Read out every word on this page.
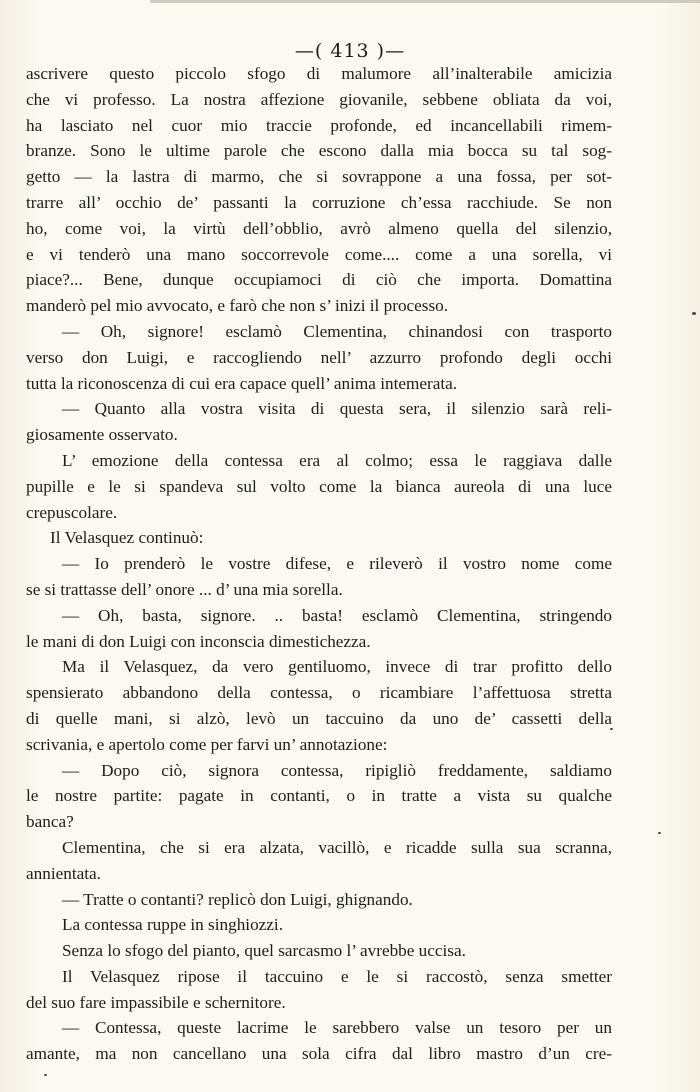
—( 413 )—
ascrivere questo piccolo sfogo di malumore all’inalterabile amicizia
che vi professo. La nostra affezione giovanile, sebbene obliata da voi,
ha lasciato nel cuor mio traccie profonde, ed incancellabili rimem-
branze. Sono le ultime parole che escono dalla mia bocca su tal sog-
getto — la lastra di marmo, che si sovrappone a una fossa, per sot-
trarre all’ occhio de’ passanti la corruzione ch’essa racchiude. Se non
ho, come voi, la virtù dell’obblio, avrò almeno quella del silenzio,
e vi tenderò una mano soccorrevole come.... come a una sorella, vi
piace?... Bene, dunque occupiamoci di ciò che importa. Domattina
manderò pel mio avvocato, e farò che non s’ inizi il processo.
— Oh, signore! esclamò Clementina, chinandosi con trasporto
verso don Luigi, e raccogliendo nell’ azzurro profondo degli occhi
tutta la riconoscenza di cui era capace quell’ anima intemerata.
— Quanto alla vostra visita di questa sera, il silenzio sarà reli-
giosamente osservato.
L’ emozione della contessa era al colmo; essa le raggiava dalle
pupille e le si spandeva sul volto come la bianca aureola di una luce
crepuscolare.
Il Velasquez continuò:
— Io prenderò le vostre difese, e rileverò il vostro nome come
se si trattasse dell’ onore ... d’ una mia sorella.
— Oh, basta, signore. .. basta! esclamò Clementina, stringendo
le mani di don Luigi con inconscia dimestichezza.
Ma il Velasquez, da vero gentiluomo, invece di trar profitto dello
spensierato abbandono della contessa, o ricambiare l’affettuosa stretta
di quelle mani, si alzò, levò un taccuino da uno de’ cassetti della
scrivania, e apertolo come per farvi un’ annotazione:
— Dopo ciò, signora contessa, ripigliò freddamente, saldiamo
le nostre partite: pagate in contanti, o in tratte a vista su qualche
banca?
Clementina, che si era alzata, vacillò, e ricadde sulla sua scranna,
annientata.
— Tratte o contanti? replicò don Luigi, ghignando.
La contessa ruppe in singhiozzi.
Senza lo sfogo del pianto, quel sarcasmo l’ avrebbe uccisa.
Il Velasquez ripose il taccuino e le si raccostò, senza smetter
del suo fare impassibile e schernitore.
— Contessa, queste lacrime le sarebbero valse un tesoro per un
amante, ma non cancellano una sola cifra dal libro mastro d’un cre-
